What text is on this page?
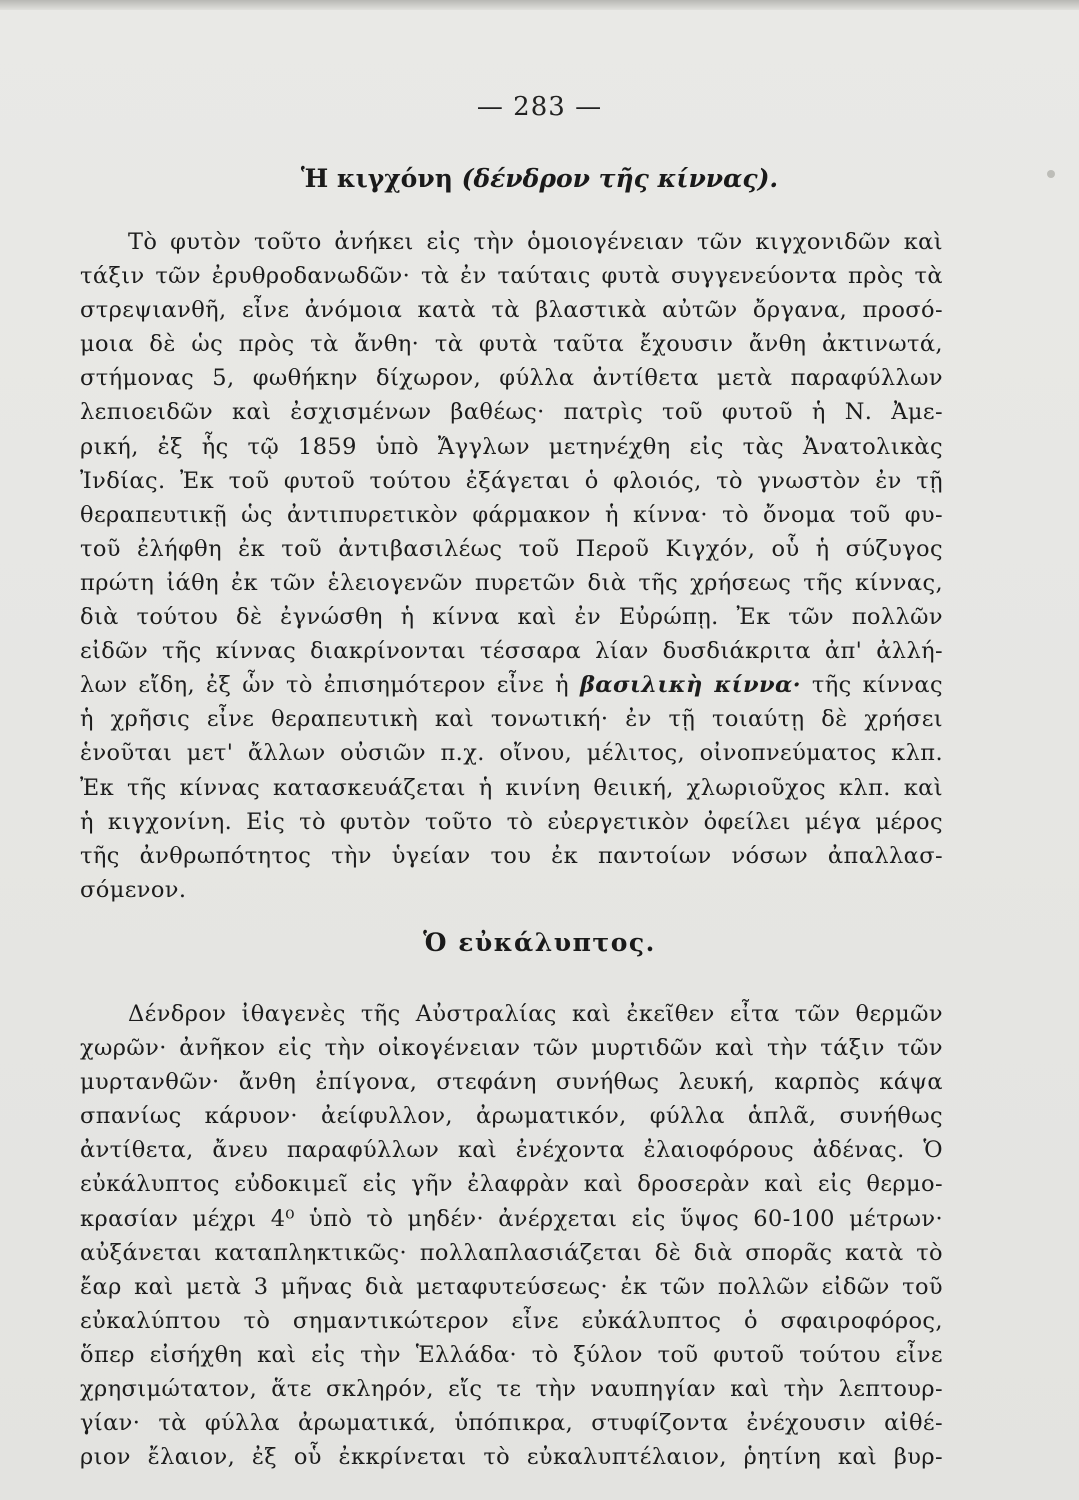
— 283 —
Ἡ κιγχόνη (δένδρον τῆς κίννας).
Τὸ φυτὸν τοῦτο ἀνήκει εἰς τὴν ὁμοιογένειαν τῶν κιγχονιδῶν καὶ
τάξιν τῶν ἐρυθροδανωδῶν· τὰ ἐν ταύταις φυτὰ συγγενεύοντα πρὸς τὰ
στρεψιανθῆ, εἶνε ἀνόμοια κατὰ τὰ βλαστικὰ αὐτῶν ὄργανα, προσό-
μοια δὲ ὡς πρὸς τὰ ἄνθη· τὰ φυτὰ ταῦτα ἔχουσιν ἄνθη ἀκτινωτά,
στήμονας 5, φωθήκην δίχωρον, φύλλα ἀντίθετα μετὰ παραφύλλων
λεπιοειδῶν καὶ ἐσχισμένων βαθέως· πατρὶς τοῦ φυτοῦ ἡ Ν. Ἀμε-
ρική, ἐξ ἧς τῷ 1859 ὑπὸ Ἄγγλων μετηνέχθη εἰς τὰς Ἀνατολικὰς
Ἰνδίας. Ἐκ τοῦ φυτοῦ τούτου ἐξάγεται ὁ φλοιός, τὸ γνωστὸν ἐν τῇ
θεραπευτικῇ ὡς ἀντιπυρετικὸν φάρμακον ἡ κίννα· τὸ ὄνομα τοῦ φυ-
τοῦ ἐλήφθη ἐκ τοῦ ἀντιβασιλέως τοῦ Περοῦ Κιγχόν, οὗ ἡ σύζυγος
πρώτη ἰάθη ἐκ τῶν ἑλειογενῶν πυρετῶν διὰ τῆς χρήσεως τῆς κίννας,
διὰ τούτου δὲ ἐγνώσθη ἡ κίννα καὶ ἐν Εὐρώπῃ. Ἐκ τῶν πολλῶν
εἰδῶν τῆς κίννας διακρίνονται τέσσαρα λίαν δυσδιάκριτα ἀπ' ἀλλή-
λων εἴδη, ἐξ ὧν τὸ ἐπισημότερον εἶνε ἡ βασιλικὴ κίννα· τῆς κίννας
ἡ χρῆσις εἶνε θεραπευτικὴ καὶ τονωτική· ἐν τῇ τοιαύτῃ δὲ χρήσει
ἑνοῦται μετ' ἄλλων οὐσιῶν π.χ. οἴνου, μέλιτος, οἰνοπνεύματος κλπ.
Ἐκ τῆς κίννας κατασκευάζεται ἡ κινίνη θειική, χλωριοῦχος κλπ. καὶ
ἡ κιγχονίνη. Εἰς τὸ φυτὸν τοῦτο τὸ εὐεργετικὸν ὀφείλει μέγα μέρος
τῆς ἀνθρωπότητος τὴν ὑγείαν του ἐκ παντοίων νόσων ἀπαλλασ-
σόμενον.
Ὁ εὐκάλυπτος.
Δένδρον ἰθαγενὲς τῆς Αὐστραλίας καὶ ἐκεῖθεν εἶτα τῶν θερμῶν
χωρῶν· ἀνῆκον εἰς τὴν οἰκογένειαν τῶν μυρτιδῶν καὶ τὴν τάξιν τῶν
μυρτανθῶν· ἄνθη ἐπίγονα, στεφάνη συνήθως λευκή, καρπὸς κάψα
σπανίως κάρυον· ἀείφυλλον, ἀρωματικόν, φύλλα ἁπλᾶ, συνήθως
ἀντίθετα, ἄνευ παραφύλλων καὶ ἐνέχοντα ἐλαιοφόρους ἀδένας. Ὁ
εὐκάλυπτος εὐδοκιμεῖ εἰς γῆν ἐλαφρὰν καὶ δροσερὰν καὶ εἰς θερμο-
κρασίαν μέχρι 4⁰ ὑπὸ τὸ μηδέν· ἀνέρχεται εἰς ὕψος 60-100 μέτρων·
αὐξάνεται καταπληκτικῶς· πολλαπλασιάζεται δὲ διὰ σπορᾶς κατὰ τὸ
ἔαρ καὶ μετὰ 3 μῆνας διὰ μεταφυτεύσεως· ἐκ τῶν πολλῶν εἰδῶν τοῦ
εὐκαλύπτου τὸ σημαντικώτερον εἶνε εὐκάλυπτος ὁ σφαιροφόρος,
ὅπερ εἰσήχθη καὶ εἰς τὴν Ἑλλάδα· τὸ ξύλον τοῦ φυτοῦ τούτου εἶνε
χρησιμώτατον, ἅτε σκληρόν, εἴς τε τὴν ναυπηγίαν καὶ τὴν λεπτουρ-
γίαν· τὰ φύλλα ἀρωματικά, ὑπόπικρα, στυφίζοντα ἐνέχουσιν αἰθέ-
ριον ἔλαιον, ἐξ οὗ ἐκκρίνεται τὸ εὐκαλυπτέλαιον, ῥητίνη καὶ βυρ-
